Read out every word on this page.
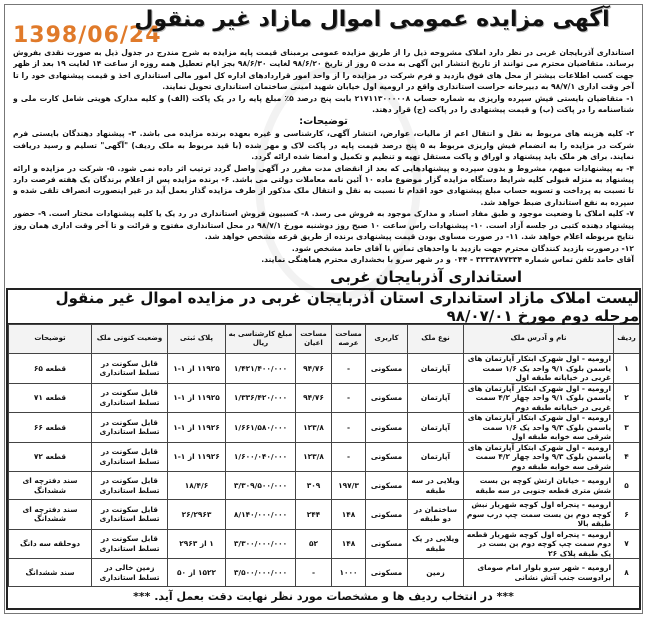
1398/06/24
آگهی مزایده عمومی اموال مازاد غیر منقول

استانداری آذربایجان غربی در نظر دارد املاک مشروحه ذیل را از طریق مزایده عمومی برمبنای قیمت پایه مزایده به شرح مندرج در جدول ذیل به صورت نقدی بفروش برساند. متقاضیان محترم می توانند از تاریخ انتشار این آگهی به مدت ۵ روز از تاریخ ۹۸/۶/۲۰ لغایت ۹۸/۶/۳۰ بجز ایام تعطیل همه روزه از ساعت ۱۴ لغایت ۱۹ بعد از ظهر جهت کسب اطلاعات بیشتر از محل های فوق بازدید و فرم شرکت در مزایده را از واحد امور قراردادهای اداره کل امور مالی استانداری اخذ و قیمت پیشنهادی خود را تا آخر وقت اداری ۹۸/۷/۱ به دبیرخانه حراست استانداری واقع در ارومیه اول خیابان شهید امینی ساختمان استانداری تحویل نمایند.

۱- متقاضیان بایستی فیش سپرده واریزی به شماره حساب ۲۱۷۱۱۳۰۰۰۰۰۸ بابت پنج درصد ۵٪ مبلغ پایه را در یک پاکت (الف) و کلیه مدارک هویتی شامل کارت ملی و شناسنامه را در پاکت (ب) و قیمت پیشنهادی را در پاکت (ج) قرار دهند.

توضیحات:

۲- کلیه هزینه های مربوط به نقل و انتقال اعم از مالیات، عوارض، انتشار آگهی، کارشناسی و غیره بعهده برنده مزایده می باشد. ۳- پیشنهاد دهندگان بایستی فرم شرکت در مزایده را به انضمام فیش واریزی مربوط به ۵ پنج درصد قیمت پایه در پاکت لاک و مهر شده (با قید مربوط به ملک ردیف) "آگهی" تسلیم و رسید دریافت نمایند. برای هر ملک باید پیشنهاد و اوراق و پاکت مستقل تهیه و تنظیم و تکمیل و امضا شده ارائه گردد.

۴- به پیشنهادات مبهم، مشروط و بدون سپرده و پیشنهادهایی که بعد از انقضای مدت مقرر در آگهی واصل گردد ترتیب اثر داده نمی شود. ۵- شرکت در مزایده و ارائه پیشنهاد به منزله قبولی کلیه شرایط دستگاه مزایده گزار موضوع ماده ۱۰ آئین نامه معاملات دولتی می باشد. ۶- برنده مزایده پس از اعلام برندگان یک هفته فرصت دارد تا نسبت به پرداخت و تسویه حساب مبلغ پیشنهادی خود اقدام تا نسبت به نقل و انتقال ملک مذکور از طرف مزایده گذار بعمل آید در غیر اینصورت انصراف تلقی شده و سپرده به نفع استانداری ضبط خواهد شد.

۷- کلیه املاک با وضعیت موجود و طبق مفاد اسناد و مدارک موجود به فروش می رسد. ۸- کسبیون فروش استانداری در رد یک یا کلیه پیشنهادات مختار است. ۹- حضور پیشنهاد دهنده کتبی در جلسه آزاد است. ۱۰- پیشنهادات راس ساعت ۱۰ صبح روز دوشنبه مورخ ۹۸/۷/۱ در محل استانداری مفتوح و قرائت و تا آخر وقت اداری همان روز نتایج مربوطه اعلام خواهد شد. ۱۱- در صورت مساوی بودن قیمت پیشنهادی برنده از طریق قرعه مشخص خواهد شد.

۱۲- درصورت بازدید کنندگان محترم جهت بازدید با واحدهای تماس با آقای حامد مشخص شود.

آقای حامد تلفن تماس شماره ۳۳۳۳۸۷۷۳۳۴ - ۰۴۴ و در شهر سرو با بخشداری محترم هماهنگی نمایند.

استانداری آذربایجان غربی
لیست املاک مازاد استانداری استان آذربایجان غربی در مزایده اموال غیر منقول مرحله دوم مورخ ۹۸/۰۷/۰۱
ردیف	نام و آدرس ملک	نوع ملک	کاربری	مساحت عرصه	مساحت اعیان	مبلغ کارشناسی به ریال	پلاک ثبتی	وضعیت کنونی ملک	توضیحات
۱	ارومیه - اول شهرک ابتکار آپارتمان های یاسمن بلوک ۹/۱ واحد یک ۱/۶ سمت غربی در خیابانه طبقه اول	آپارتمان	مسکونی	-	۹۴/۷۶	۱/۴۲۱/۴۰۰/۰۰۰	۱۱۹۲۵ از ۱-۱	قابل سکونت در تسلط استانداری	قطعه ۶۵
۲	ارومیه - اول شهرک ابتکار آپارتمان های یاسمن بلوک ۹/۱ واحد چهار ۴/۲ سمت غربی در خیابانه طبقه دوم	آپارتمان	مسکونی	-	۹۴/۷۶	۱/۳۳۶/۴۲۰/۰۰۰	۱۱۹۲۵ از ۱-۱	قابل سکونت در تسلط استانداری	قطعه ۷۱
۳	ارومیه - اول شهرک ابتکار آپارتمان های یاسمن بلوک ۹/۳ واحد یک ۱/۶ سمت شرقی سه خوابه طبقه اول	آپارتمان	مسکونی	-	۱۲۳/۸	۱/۶۶۱/۵۸۰/۰۰۰	۱۱۹۲۶ از ۱-۱	قابل سکونت در تسلط استانداری	قطعه ۶۶
۴	ارومیه - اول شهرک ابتکار آپارتمان های یاسمن بلوک ۹/۳ واحد چهار ۴/۲ سمت شرقی سه خوابه طبقه دوم	آپارتمان	مسکونی	-	۱۲۳/۸	۱/۶۰۰/۰۴۰/۰۰۰	۱۱۹۲۶ از ۱-۱	قابل سکونت در تسلط استانداری	قطعه ۷۲
۵	ارومیه - خیابان ارتش کوچه بن بست شش متری قطعه جنوبی در سه طبقه	ویلایی در سه طبقه	مسکونی	۱۹۷/۳	۳۰۹	۳/۳۰۹/۵۰۰/۰۰۰	۱۸/۴/۶	قابل سکونت در تسلط استانداری	سند دفترچه ای ششدانگ
۶	ارومیه - پنجراه اول کوچه شهریار نبش کوچه دوم بن بست سمت چپ درب سوم طبقه بالا	ساختمان در دو طبقه	مسکونی	۱۴۸	۲۴۴	۸/۱۴۰/۰۰۰/۰۰۰	۲۶/۲۹۶۳	قابل سکونت در تسلط استانداری	سند دفترچه ای ششدانگ
۷	ارومیه - پنجراه اول کوچه شهریار قطعه دوم سمت چپ کوچه دوم بن بست در یک طبقه پلاک ۲۶	ویلایی در یک طبقه	مسکونی	۱۴۸	۵۲	۳/۳۰۰/۰۰۰/۰۰۰	۱ از ۲۹۶۳	قابل سکونت در تسلط استانداری	دوحلقه سه دانگ
۸	ارومیه - شهر سرو بلوار امام صومای برادوست جنب آتش نشانی	زمین	مسکونی	۱۰۰۰	-	۳/۵۰۰/۰۰۰/۰۰۰	۱۵۲۲ از ۵۰	زمین خالی در تسلط استانداری	سند ششدانگ
*** در انتخاب ردیف ها و مشخصات مورد نظر نهایت دقت بعمل آید. ***
